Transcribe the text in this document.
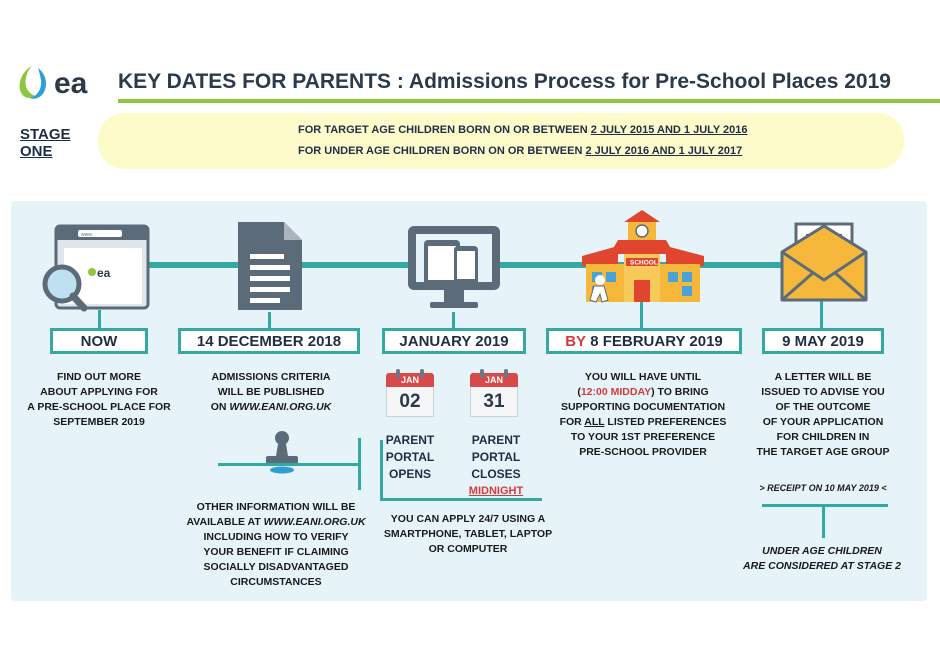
ea KEY DATES FOR PARENTS : Admissions Process for Pre-School Places 2019
STAGE
ONE
FOR TARGET AGE CHILDREN BORN ON OR BETWEEN 2 JULY 2015 AND 1 JULY 2016
FOR UNDER AGE CHILDREN BORN ON OR BETWEEN 2 JULY 2016 AND 1 JULY 2017
www.
ea
SCHOOL
NOW	14 DECEMBER 2018	JANUARY 2019	BY
8 FEBRUARY 2019	9 MAY 2019
FIND OUT MORE
ABOUT APPLYING FOR
A PRE-SCHOOL PLACE FOR
SEPTEMBER 2019
ADMISSIONS CRITERIA
WILL BE PUBLISHED
ON WWW.EANI.ORG.UK
OTHER INFORMATION WILL BE
AVAILABLE AT WWW.EANI.ORG.UK
INCLUDING HOW TO VERIFY
YOUR BENEFIT IF CLAIMING
SOCIALLY DISADVANTAGED
CIRCUMSTANCES
JAN
02
PARENT
PORTAL
OPENS
JAN
31
PARENT
PORTAL
CLOSES
MIDNIGHT
YOU CAN APPLY 24/7 USING A
SMARTPHONE, TABLET, LAPTOP
OR COMPUTER
YOU WILL HAVE UNTIL
(12:00 MIDDAY) TO BRING
SUPPORTING DOCUMENTATION
FOR ALL LISTED PREFERENCES
TO YOUR 1ST PREFERENCE
PRE-SCHOOL PROVIDER
A LETTER WILL BE
ISSUED TO ADVISE YOU
OF THE OUTCOME
OF YOUR APPLICATION
FOR CHILDREN IN
THE TARGET AGE GROUP
> RECEIPT ON 10 MAY 2019 <
UNDER AGE CHILDREN
ARE CONSIDERED AT STAGE 2
